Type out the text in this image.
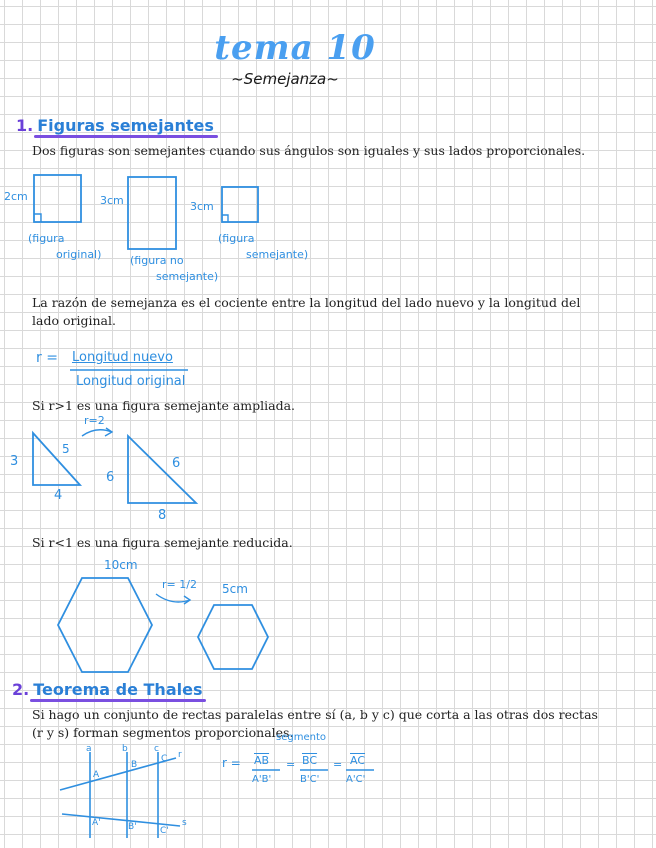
tema 10
~Semejanza~
1. Figuras semejantes
Dos figuras son semejantes cuando sus ángulos son iguales y sus lados proporcionales.
2cm
(figura
original)
3cm
(figura no
semejante)
3cm
(figura
semejante)
La razón de semejanza es el cociente entre la longitud del lado nuevo y la longitud del lado original.
r = Longitud nuevo
Longitud original
Si r>1 es una figura semejante ampliada.
3
5
4
r=2
6
6
8
Si r<1 es una figura semejante reducida.
10cm
r= 1/2 5cm
2. Teorema de Thales
Si hago un conjunto de rectas paralelas entre sí (a, b y c) que corta a las otras dos rectas (r y s) forman segmentos proporcionales.
a	b	c
r
s
A
B
C
A'	B'	C'
segmento
$r = \overline{AB}$
A'B'
= $\overline{BC}$
B'C'
= $\overline{AC}$
A'C'
